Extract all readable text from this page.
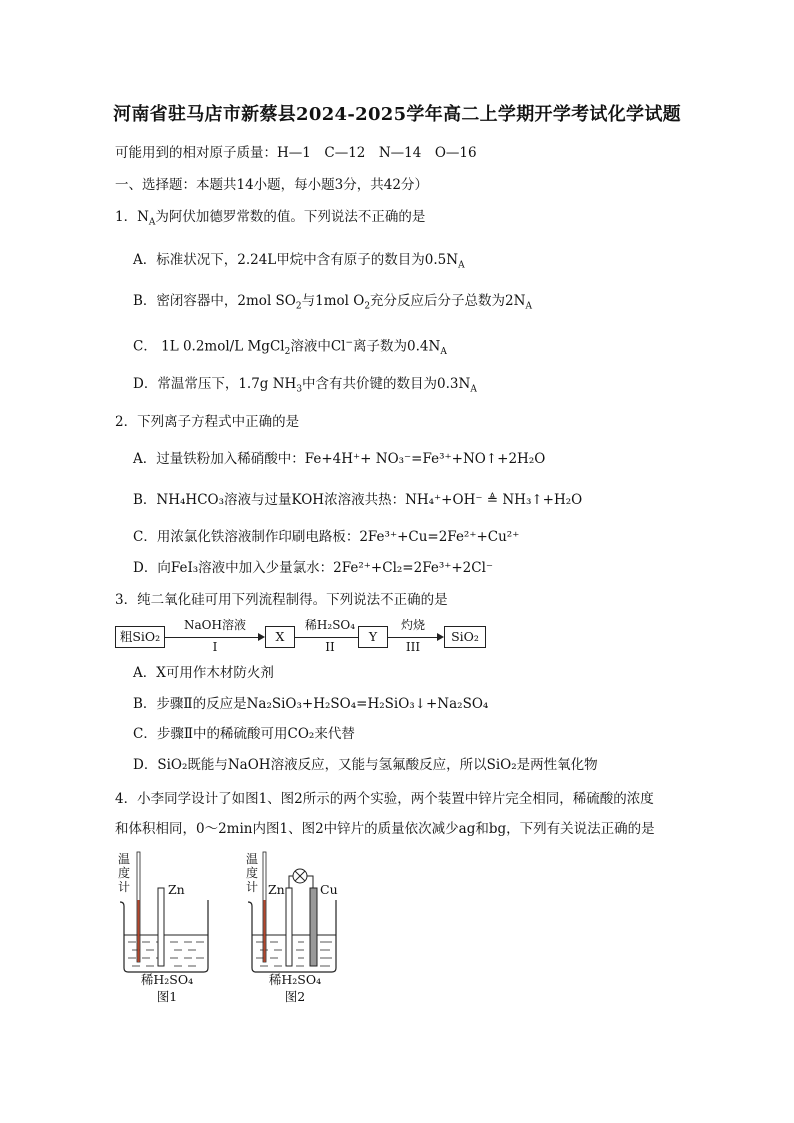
河南省驻马店市新蔡县2024-2025学年高二上学期开学考试化学试题
可能用到的相对原子质量：H—1　C—12　N—14　O—16
一、选择题：本题共14小题，每小题3分，共42分）
1．$N_A$为阿伏加德罗常数的值。下列说法不正确的是
A．标准状况下，2.24L甲烷中含有原子的数目为$0.5N_A$
B．密闭容器中，2mol $SO_2$与1mol $O_2$充分反应后分子总数为$2N_A$
C． 1L 0.2mol/L MgCl$_2$溶液中Cl−离子数为$0.4N_A$
D．常温常压下，1.7g $NH_3$中含有共价键的数目为$0.3N_A$
2．下列离子方程式中正确的是
A．过量铁粉加入稀硝酸中：Fe+4H⁺+ NO₃⁻=Fe³⁺+NO↑+2H₂O
B．NH₄HCO₃溶液与过量KOH浓溶液共热：NH₄⁺+OH⁻ ≜ NH₃↑+H₂O
C．用浓氯化铁溶液制作印刷电路板：2Fe³⁺+Cu=2Fe²⁺+Cu²⁺
D．向FeI₃溶液中加入少量氯水：2Fe²⁺+Cl₂=2Fe³⁺+2Cl⁻
3．纯二氧化硅可用下列流程制得。下列说法不正确的是
粗SiO₂
NaOH溶液
I
X
稀H₂SO₄
II
Y
灼烧
III
SiO₂
A．X可用作木材防火剂
B．步骤Ⅱ的反应是Na₂SiO₃+H₂SO₄=H₂SiO₃↓+Na₂SO₄
C．步骤Ⅱ中的稀硫酸可用CO₂来代替
D．SiO₂既能与NaOH溶液反应，又能与氢氟酸反应，所以SiO₂是两性氧化物
4．小李同学设计了如图1、图2所示的两个实验，两个装置中锌片完全相同，稀硫酸的浓度
和体积相同，0～2min内图1、图2中锌片的质量依次减少ag和bg，下列有关说法正确的是
温
度
计	Zn
稀H₂SO₄
图1
温
度
计 Zn	Cu
稀H₂SO₄
图2
